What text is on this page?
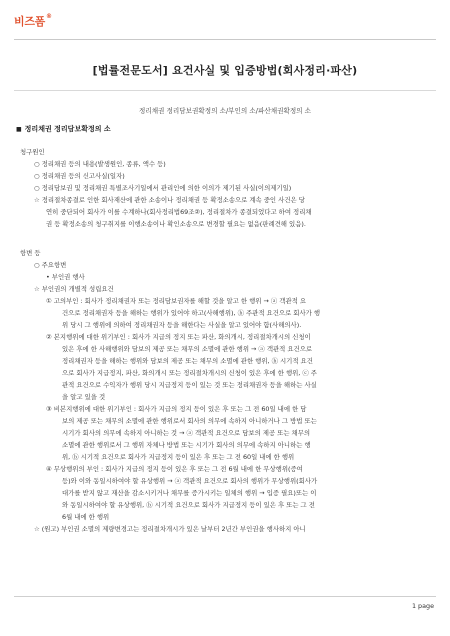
비즈폼®
[법률전문도서] 요건사실 및 입증방법(회사정리·파산)
정리채권 정리담보권확정의 소/부인의 소/파산채권확정의 소
■ 정리채권 정리담보확정의 소
청구원인
○ 정리채권 등의 내용(발생원인, 종류, 액수 등)
○ 정리채권 등의 신고사실(일자)
○ 정리담보권 및 정리채권 특별조사기일에서 관리인에 의한 이의가 제기된 사실(이의제기일)
☆ 정리절차종결로 인한 회사재산에 관한 소송이나 정리채권 등 확정소송으로 계속 중인 사건은 당
연히 중단되어 회사가 이를 수계하나(회사정리법69조②), 정리절차가 종결되었다고 하여 정리채
권 등 확정소송의 청구취지를 이행소송이나 확인소송으로 변경할 필요는 없음(판례견해 있음).
항변 등
○ 주요항변
• 부인권 행사
☆ 부인권의 개별적 성립요건
① 고의부인 : 회사가 정리채권자 또는 정리담보권자를 해할 것을 알고 한 행위 → ⓐ 객관적 요
건으로 정리채권자 등을 해하는 행위가 있어야 하고(사해행위), ⓑ 주관적 요건으로 회사가 행
위 당시 그 행위에 의하여 정리채권자 등을 해한다는 사실을 알고 있어야 함(사해의사).
② 본지행위에 대한 위기부인 : 회사가 지급의 정지 또는 파산, 화의개시, 정리절차개시의 신청이
있은 후에 한 사해행위와 담보의 제공 또는 채무의 소멸에 관한 행위 → ⓐ 객관적 요건으로
정리채권자 등을 해하는 행위와 담보의 제공 또는 채무의 소멸에 관한 행위, ⓑ 시기적 요건
으로 회사가 지급정지, 파산, 화의개시 또는 정리절차개시의 신청이 있은 후에 한 행위, ⓒ 주
관적 요건으로 수익자가 행위 당시 지급정지 등이 있는 것 또는 정리채권자 등을 해하는 사실
을 알고 있을 것
③ 비본지행위에 대한 위기부인 : 회사가 지급의 정지 등이 있은 후 또는 그 전 60일 내에 한 담
보의 제공 또는 채무의 소멸에 관한 행위로서 회사의 의무에 속하지 아니하거나 그 방법 또는
시기가 회사의 의무에 속하지 아니하는 것 → ⓐ 객관적 요건으로 담보의 제공 또는 채무의
소멸에 관한 행위로서 그 행위 자체나 방법 또는 시기가 회사의 의무에 속하지 아니하는 행
위, ⓑ 시기적 요건으로 회사가 지급정지 등이 있은 후 또는 그 전 60일 내에 한 행위
④ 무상행위의 부인 : 회사가 지급의 정지 등이 있은 후 또는 그 전 6월 내에 한 무상행위(증여
등)와 이와 동일시하여야 할 유상행위 → ⓐ 객관적 요건으로 회사의 행위가 무상행위(회사가
대가를 받지 않고 재산을 감소시키거나 채무를 증가시키는 일체의 행위 → 입증 필요)또는 이
와 동일시하여야 할 유상행위, ⓑ 시기적 요건으로 회사가 지급정지 등이 있은 후 또는 그 전
6월 내에 한 행위
☆ (원고) 부인권 소멸의 제량변경고는 정리절차개시가 있은 날부터 2년간 부인권을 행사하지 아니
1 page
